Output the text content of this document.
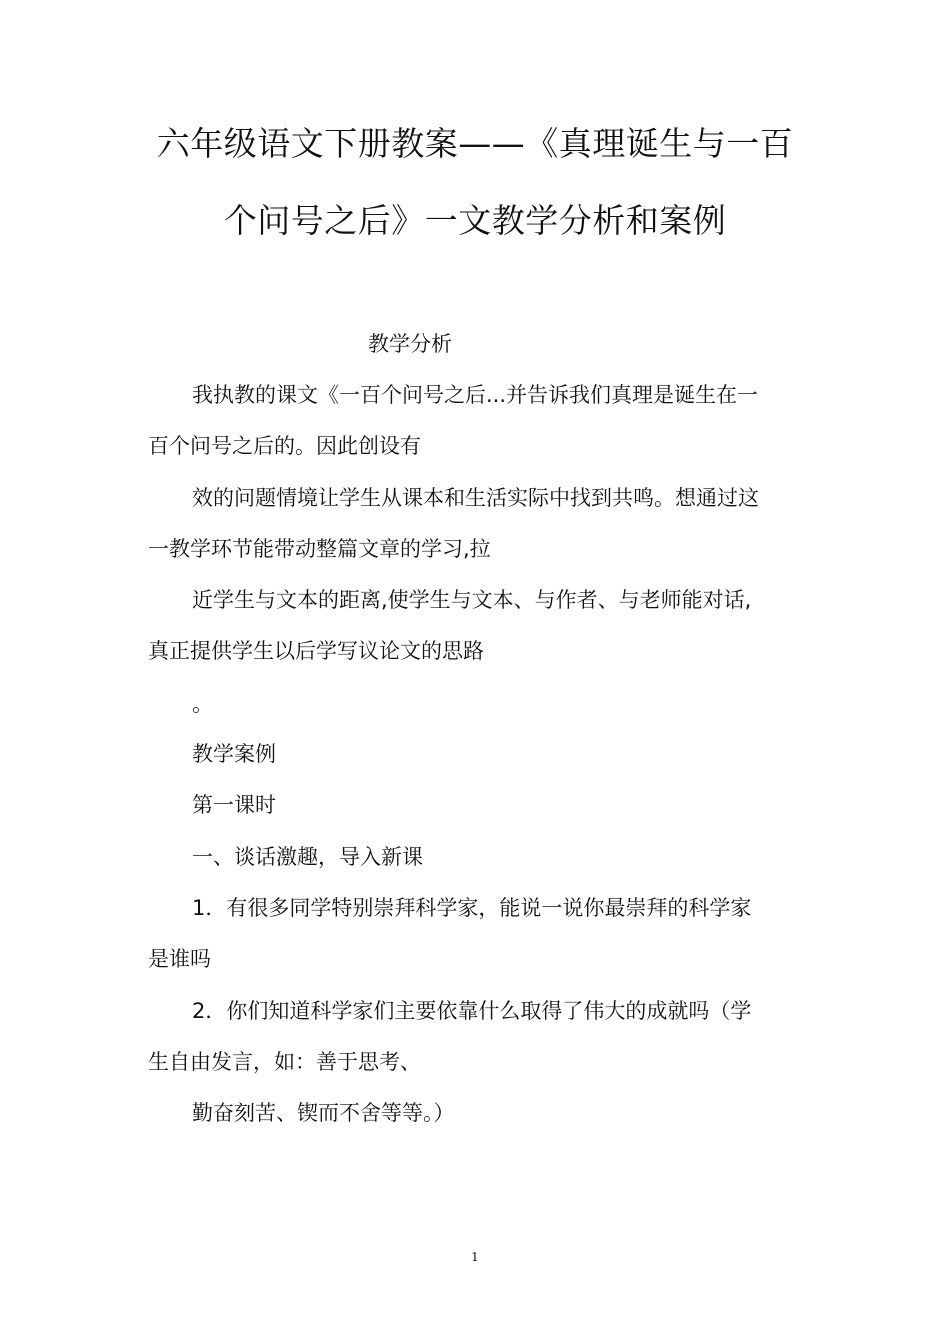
六年级语文下册教案——《真理诞生与一百
个问号之后》一文教学分析和案例
教学分析
我执教的课文《一百个问号之后...并告诉我们真理是诞生在一
百个问号之后的。因此创设有
效的问题情境让学生从课本和生活实际中找到共鸣。想通过这
一教学环节能带动整篇文章的学习,拉
近学生与文本的距离,使学生与文本、与作者、与老师能对话,
真正提供学生以后学写议论文的思路
。
教学案例
第一课时
一、谈话激趣，导入新课
1．有很多同学特别崇拜科学家，能说一说你最崇拜的科学家
是谁吗
2．你们知道科学家们主要依靠什么取得了伟大的成就吗（学
生自由发言，如：善于思考、
勤奋刻苦、锲而不舍等等。）
1
